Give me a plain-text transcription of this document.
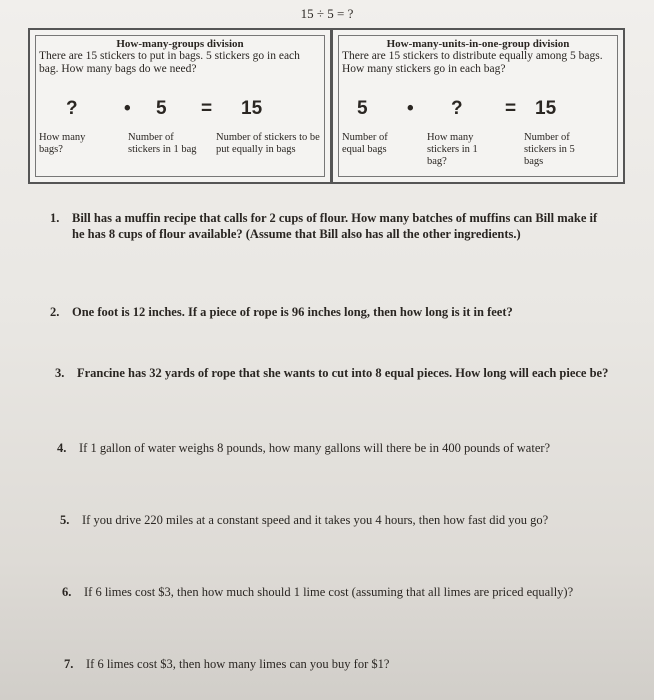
15 ÷ 5 = ?
How-many-groups division
There are 15 stickers to put in bags. 5 stickers go in each bag. How many bags do we need?
? • 5 = 15
How many bags?
Number of stickers in 1 bag
Number of stickers to be put equally in bags
How-many-units-in-one-group division
There are 15 stickers to distribute equally among 5 bags. How many stickers go in each bag?
5 • ? = 15
Number of equal bags
How many stickers in 1 bag?
Number of stickers in 5 bags
1. Bill has a muffin recipe that calls for 2 cups of flour. How many batches of muffins can Bill make if he has 8 cups of flour available? (Assume that Bill also has all the other ingredients.)
2. One foot is 12 inches. If a piece of rope is 96 inches long, then how long is it in feet?
3. Francine has 32 yards of rope that she wants to cut into 8 equal pieces. How long will each piece be?
4. If 1 gallon of water weighs 8 pounds, how many gallons will there be in 400 pounds of water?
5. If you drive 220 miles at a constant speed and it takes you 4 hours, then how fast did you go?
6. If 6 limes cost $3, then how much should 1 lime cost (assuming that all limes are priced equally)?
7. If 6 limes cost $3, then how many limes can you buy for $1?
